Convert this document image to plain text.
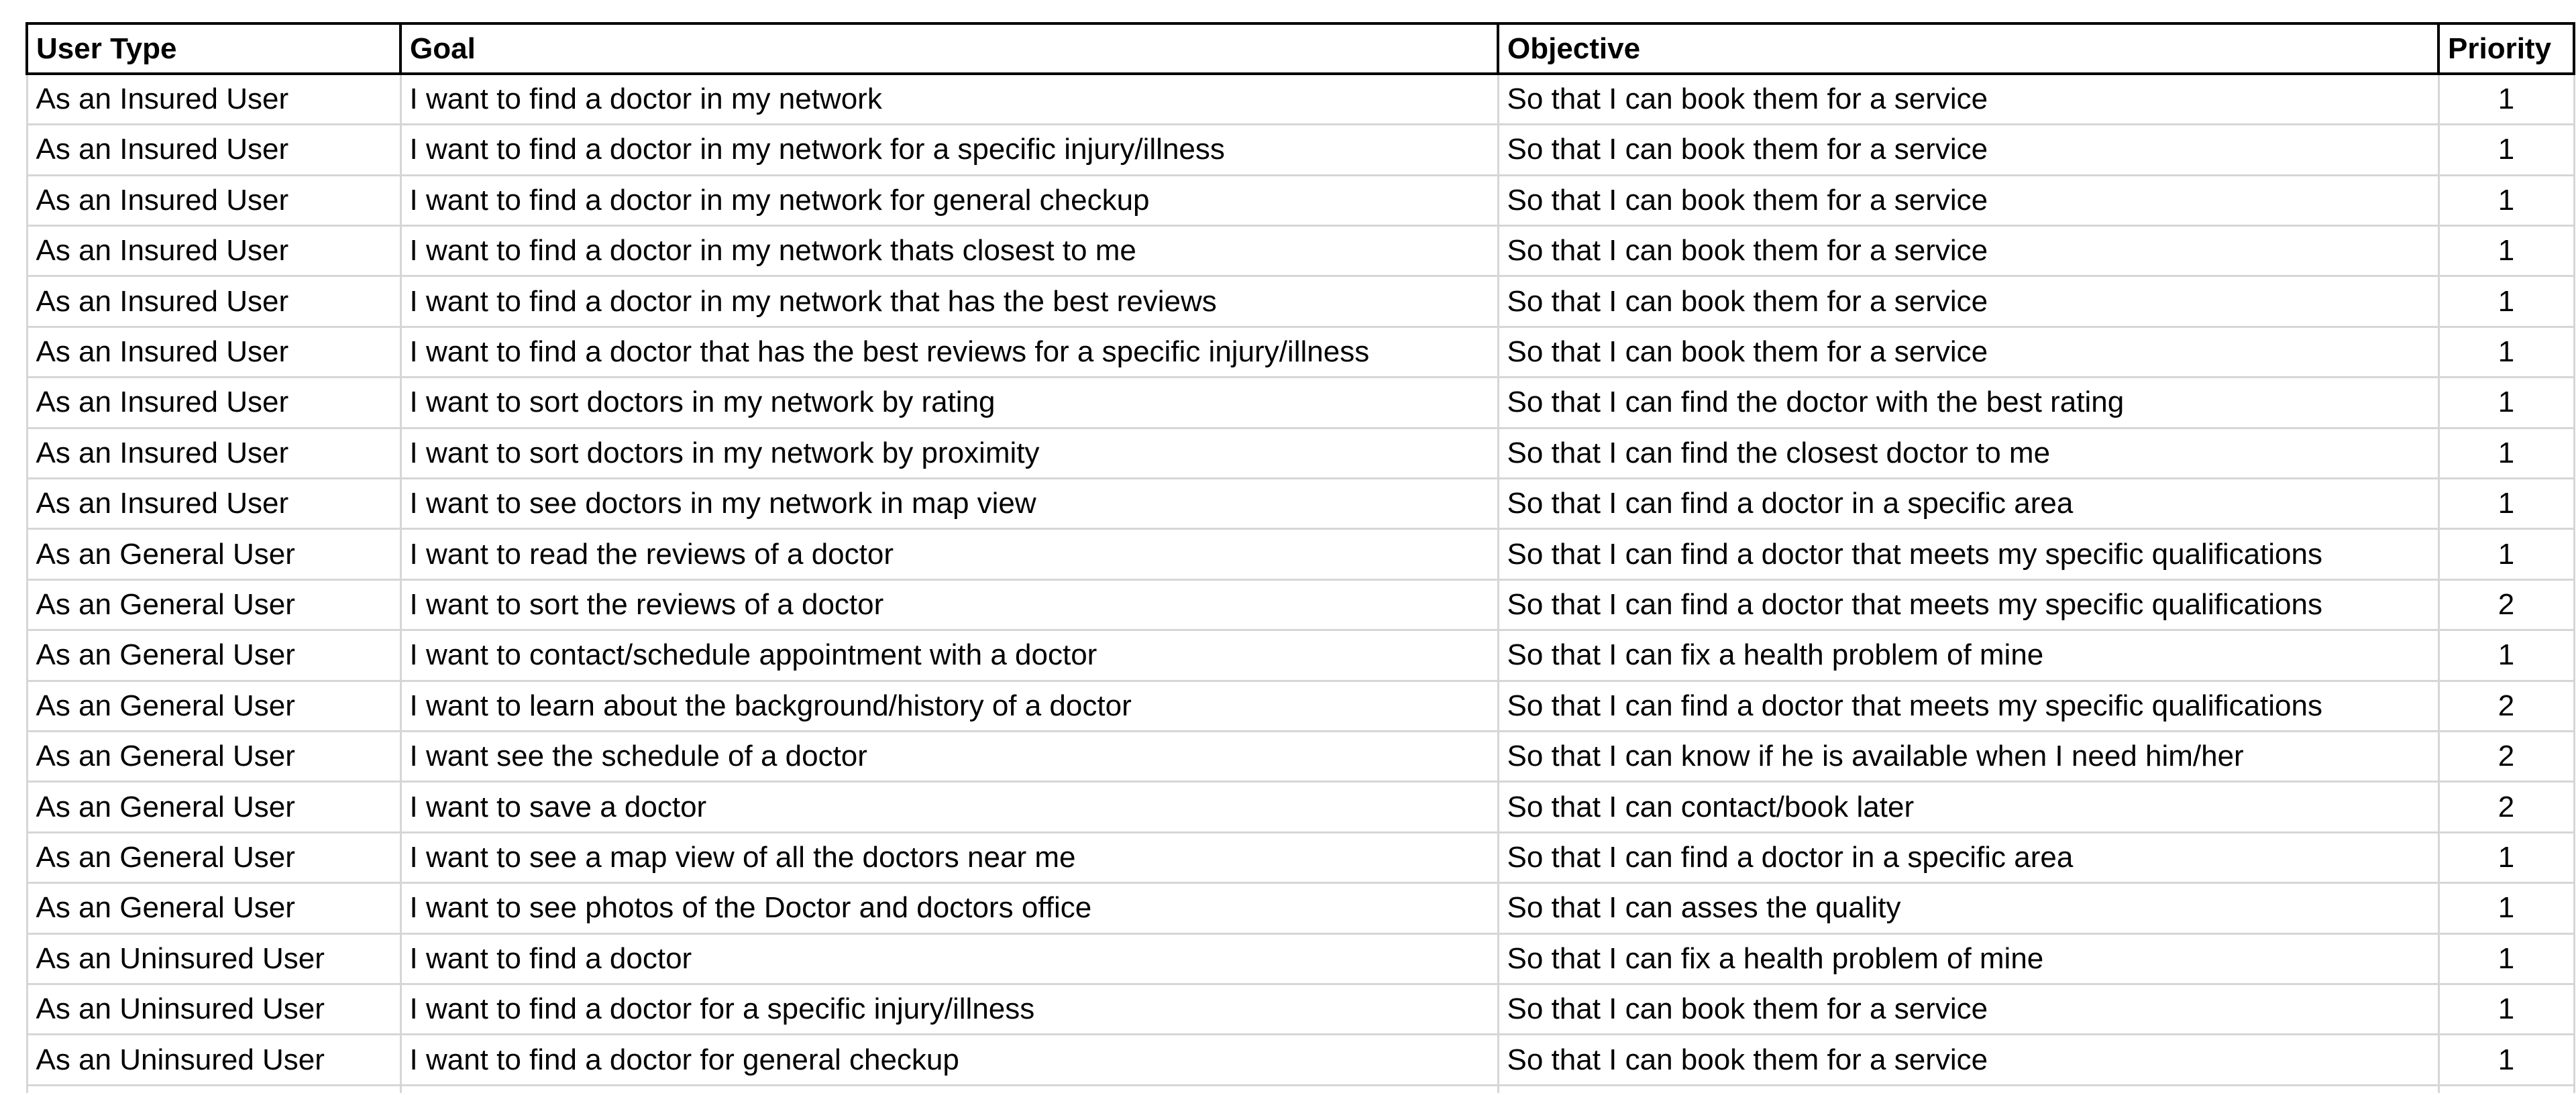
User Type	Goal	Objective	Priority
As an Insured User	I want to find a doctor in my network	So that I can book them for a service	1
As an Insured User	I want to find a doctor in my network for a specific injury/illness	So that I can book them for a service	1
As an Insured User	I want to find a doctor in my network for general checkup	So that I can book them for a service	1
As an Insured User	I want to find a doctor in my network thats closest to me	So that I can book them for a service	1
As an Insured User	I want to find a doctor in my network that has the best reviews	So that I can book them for a service	1
As an Insured User	I want to find a doctor that has the best reviews for a specific injury/illness	So that I can book them for a service	1
As an Insured User	I want to sort doctors in my network by rating	So that I can find the doctor with the best rating	1
As an Insured User	I want to sort doctors in my network by proximity	So that I can find the closest doctor to me	1
As an Insured User	I want to see doctors in my network in map view	So that I can find a doctor in a specific area	1
As an General User	I want to read the reviews of a doctor	So that I can find a doctor that meets my specific qualifications	1
As an General User	I want to sort the reviews of a doctor	So that I can find a doctor that meets my specific qualifications	2
As an General User	I want to contact/schedule appointment with a doctor	So that I can fix a health problem of mine	1
As an General User	I want to learn about the background/history of a doctor	So that I can find a doctor that meets my specific qualifications	2
As an General User	I want see the schedule of a doctor	So that I can know if he is available when I need him/her	2
As an General User	I want to save a doctor	So that I can contact/book later	2
As an General User	I want to see a map view of all the doctors near me	So that I can find a doctor in a specific area	1
As an General User	I want to see photos of the Doctor and doctors office	So that I can asses the quality	1
As an Uninsured User	I want to find a doctor	So that I can fix a health problem of mine	1
As an Uninsured User	I want to find a doctor for a specific injury/illness	So that I can book them for a service	1
As an Uninsured User	I want to find a doctor for general checkup	So that I can book them for a service	1
